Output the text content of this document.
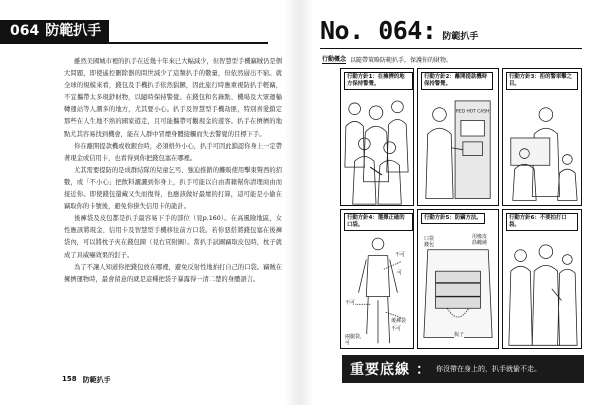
064 防範扒手

雖然美國城市裡的扒手在近幾十年來已大幅減少，但智慧型手機竊賊仍是個大問題，即使遙控刪除器的問世減少了這類扒手的數量，但依然層出不窮。就全球的規模來看，錢包及手機扒手依然猖獗，因此旅行時應重視防扒手輕竊，不宜攜帶太多現鈔財物，以隨時保持警覺。在錢包和名錄點、機場及大眾運輸轉運站等人潮多的地方，尤其要小心。扒手及智慧型手機劫匪，特別喜愛鎖定那些在人生地不熟的國家遊走，且可能攜帶可觀現金的遊客。扒手在擠擠的地點尤其容易找到機會，能在人群中冒煙身體接觸而失去警覺的目標下手。

你在離開提款機或收銀台時，必須格外小心，扒手可因此鎖認你身上一定帶著現金或信用卡，也看得到你把錢包塞在哪裡。

尤其需要提防的是成群結隊的兒童乞丐、強迫推銷的攤販使用擊東聲西的招數，或「不小心」把飲料灑灑到你身上，扒手可能以自由書籍幫你清理商由而接近你。即使錢包還藏又失而復得，也應該做好最壞的打算，這可能是小偷在竊取你的卡號後，避免你掛失信用卡的詭計。

後褲袋及皮包都是扒手最容易下手的部位（見p.160）。在高風險地區，女性應該將現金、信用卡及智慧型手機移往前方口袋。若你惡搭將錢包塞在後褲袋內，可以將枕子夾在錢包陳（見右頁附圖）。當扒手試圖竊取皮包時，枕子就成了具威嚇效果的釘子。

為了不讓人知道你把錢包放在哪裡，避免反射性地拍打自己的口袋。竊賊在擁擠運物時，最會留意的就是這種把袋子暴露得一清二楚的身體語言。

158 防範扒手
No. 064: 防範扒手
行動概念 以隨帶策略防範扒手，保護你的財物。
行動方針1：在擁擠的地方保持警覺。
行動方針2：離開提款機時保持警覺。
RED HOT CASH
行動方針3：拒的警車擊之目。
行動方針4：選擇正確的口袋。
不可
可
不可
後褲袋
不可
兩腿袋，可
行動方針5：防竊方法。
口袋
錢包
用橡皮
筋纏繞
梳子
行動方針6：不要拍打口袋。
重要底線 ： 你沒帶在身上的，扒手就偷不走。
